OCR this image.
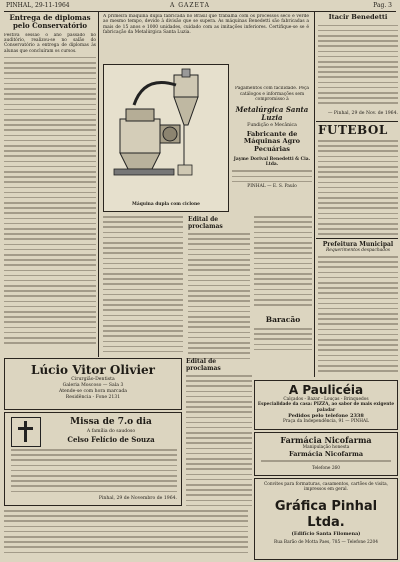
PINHAL, 29-11-1964	A GAZETA	Pag. 3
Entrega de diplomas pelo Conservatório
Festiva sessão o ano passado no auditório, realizou-se no salão do Conservatório a entrega de diplomas às alunas que concluíram os cursos.
A primeira máquina dupla fabricada no Brasil que trabalha com os processos seco e verde ao mesmo tempo, devido à divisão que se supera. As máquinas Benedetti são fabricadas a mais de 15 anos e 1000 unidades, cuidado com as imitações inferiores. Certifique-se se é fabricação da Metalúrgica Santa Luzia.
Máquina dupla com ciclone
Pagamentos com facilidade. Peça catálogos e informações sem compromisso à
Metalúrgica Santa Luzia
Fundição e Mecânica
Fabricante de Máquinas Agro Pecuárias
Jayme Dorival Benedetti & Cia. Ltda.
PINHAL — E. S. Paulo
Itacir Benedetti
— Pinhal, 29 de Nov. de 1964.
FUTEBOL
Prefeitura Municipal
Requerimentos despachados
Edital de proclamas
Baracão
Lúcio Vitor Olivier
Cirurgião-Dentista
Galeria Moscoso — Sala 3
Atende-se com hora marcada
Residência - Fone 2131
Missa de 7.o dia
A família do saudoso
Celso Felício de Souza
Pinhal, 29 de Novembro de 1964.
Edital de proclamas
A Paulicéia
Calçados - Bazar - Louças - Brinquedos
Especialidade da casa: PIZZA, ao sabor de mais exigente paladar
Pedidos pelo telefone 2338
Praça da Independência, 91 — PINHAL
Farmácia Nicofarma
Manipulação honesta
Farmácia Nicofarma
Telefone 260
Convites para formaturas, casamentos, cartões de visita, impressos em geral.
Gráfica Pinhal Ltda.
(Edifício Santa Filomena)
Rua Barão de Motta Paes, 785 — Telefone 2204
